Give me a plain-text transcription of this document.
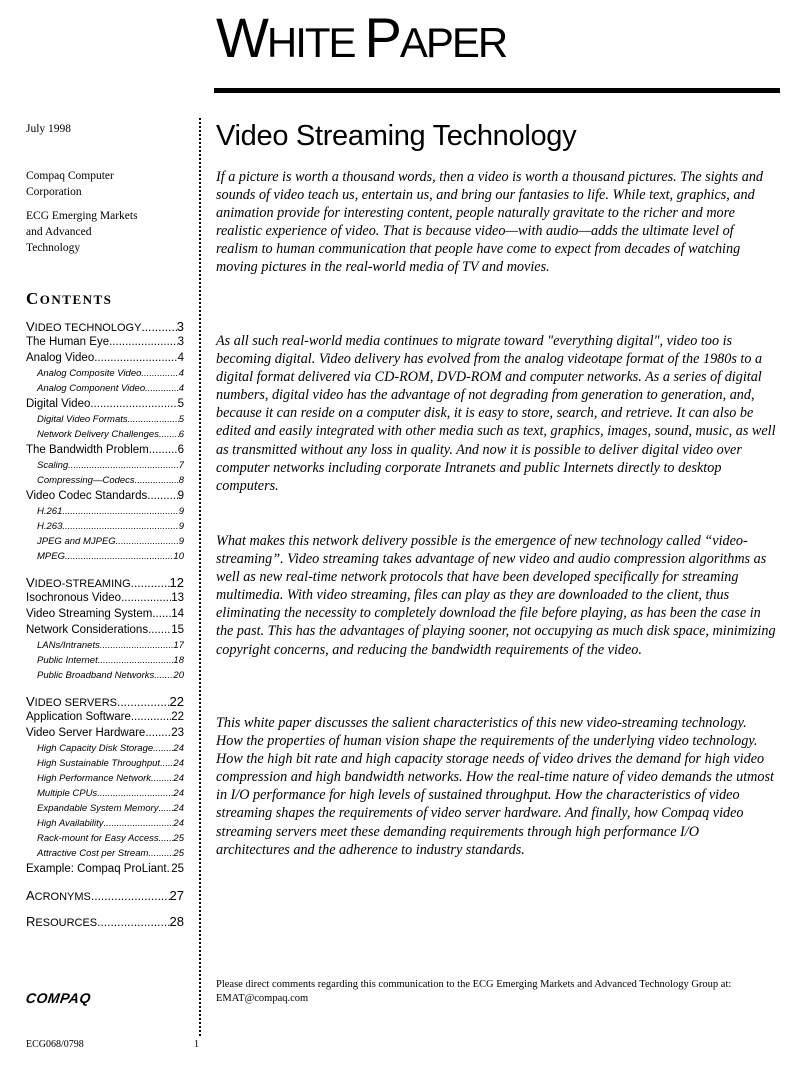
WHITE PAPER
July 1998
Compaq Computer
Corporation
ECG Emerging Markets
and Advanced
Technology
CONTENTS
VIDEO TECHNOLOGY .....	3
The Human Eye .....	3
Analog Video .....	4
Analog Composite Video .....	4
Analog Component Video .....	4
Digital Video .....	5
Digital Video Formats .....	5
Network Delivery Challenges ..... 6
The Bandwidth Problem .....	6
Scaling .....	7
Compressing—Codecs .....	8
Video Codec Standards .....	9
H.261 .....	9
H.263 .....	9
JPEG and MJPEG .....	9
MPEG .....	10
VIDEO-STREAMING .....	12
Isochronous Video .....	13
Video Streaming System ..... 14
Network Considerations ..... 15
LANs/Intranets .....	17
Public Internet .....	18
Public Broadband Networks ..... 20
VIDEO SERVERS .....	22
Application Software .....	22
Video Server Hardware ..... 23
High Capacity Disk Storage ..... 24
High Sustainable Throughput ..... 24
High Performance Network ..... 24
Multiple CPUs .....	24
Expandable System Memory ..... 24
High Availability .....	24
Rack-mount for Easy Access ..... 25
Attractive Cost per Stream .....	25
Example: Compaq ProLiant ..... 25
ACRONYMS .....	27
RESOURCES .....	28
Video Streaming Technology
If a picture is worth a thousand words, then a video is worth a thousand pictures. The sights and sounds of video teach us, entertain us, and bring our fantasies to life. While text, graphics, and animation provide for interesting content, people naturally gravitate to the richer and more realistic experience of video. That is because video—with audio—adds the ultimate level of realism to human communication that people have come to expect from decades of watching moving pictures in the real-world media of TV and movies.
As all such real-world media continues to migrate toward "everything digital", video too is becoming digital. Video delivery has evolved from the analog videotape format of the 1980s to a digital format delivered via CD-ROM, DVD-ROM and computer networks. As a series of digital numbers, digital video has the advantage of not degrading from generation to generation, and, because it can reside on a computer disk, it is easy to store, search, and retrieve. It can also be edited and easily integrated with other media such as text, graphics, images, sound, music, as well as transmitted without any loss in quality. And now it is possible to deliver digital video over computer networks including corporate Intranets and public Internets directly to desktop computers.
What makes this network delivery possible is the emergence of new technology called “video-streaming”. Video streaming takes advantage of new video and audio compression algorithms as well as new real-time network protocols that have been developed specifically for streaming multimedia. With video streaming, files can play as they are downloaded to the client, thus eliminating the necessity to completely download the file before playing, as has been the case in the past. This has the advantages of playing sooner, not occupying as much disk space, minimizing copyright concerns, and reducing the bandwidth requirements of the video.
This white paper discusses the salient characteristics of this new video-streaming technology. How the properties of human vision shape the requirements of the underlying video technology. How the high bit rate and high capacity storage needs of video drives the demand for high video compression and high bandwidth networks. How the real-time nature of video demands the utmost in I/O performance for high levels of sustained throughput. How the characteristics of video streaming shapes the requirements of video server hardware. And finally, how Compaq video streaming servers meet these demanding requirements through high performance I/O architectures and the adherence to industry standards.
Please direct comments regarding this communication to the ECG Emerging Markets and Advanced Technology Group at:
EMAT@compaq.com
COMPAQ
ECG068/0798	1
